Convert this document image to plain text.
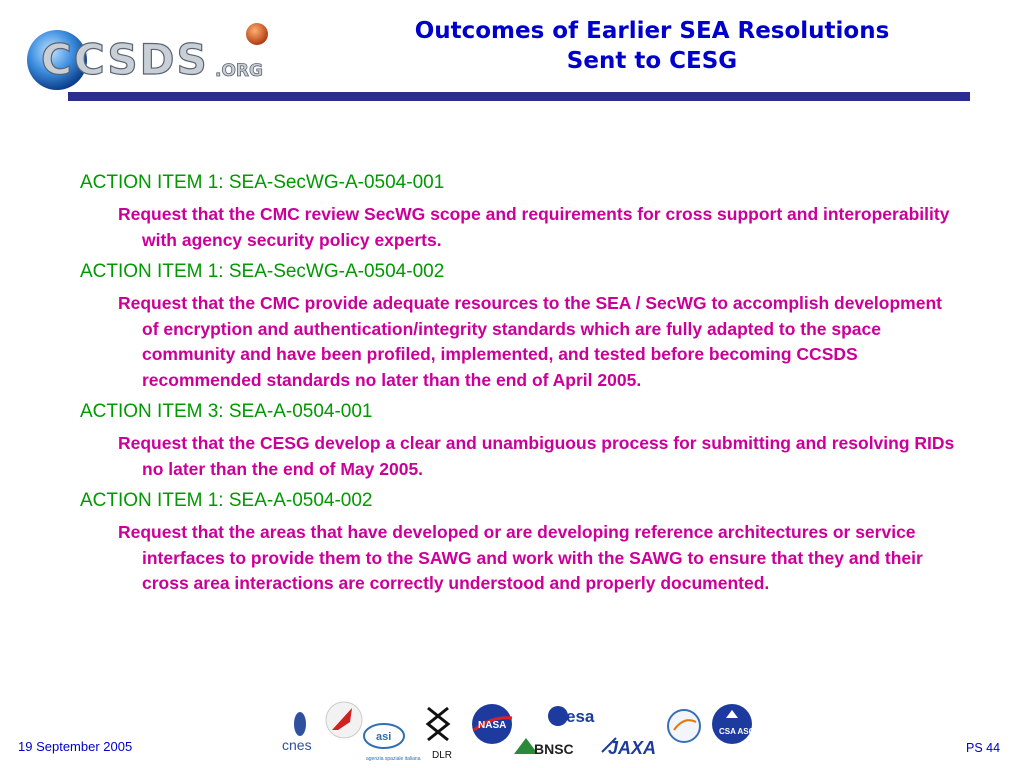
CCSDS .ORG
Outcomes of Earlier SEA Resolutions
Sent to CESG
ACTION ITEM 1: SEA-SecWG-A-0504-001
Request that the CMC review SecWG scope and requirements for cross support and interoperability with agency security policy experts.
ACTION ITEM 1: SEA-SecWG-A-0504-002
Request that the CMC provide adequate resources to the SEA / SecWG to accomplish development of encryption and authentication/integrity standards which are fully adapted to the space community and have been profiled, implemented, and tested before becoming CCSDS recommended standards no later than the end of April 2005.
ACTION ITEM 3: SEA-A-0504-001
Request that the CESG develop a clear and unambiguous process for submitting and resolving RIDs no later than the end of May 2005.
ACTION ITEM 1: SEA-A-0504-002
Request that the areas that have developed or are developing reference architectures or service interfaces to provide them to the SAWG and work with the SAWG to ensure that they and their cross area interactions are correctly understood and properly documented.
19 September 2005	PS 44
cnes	asi
agenzia spaziale italiana DLR
NASA	esa
BNSC JAXA
CSA ASC
